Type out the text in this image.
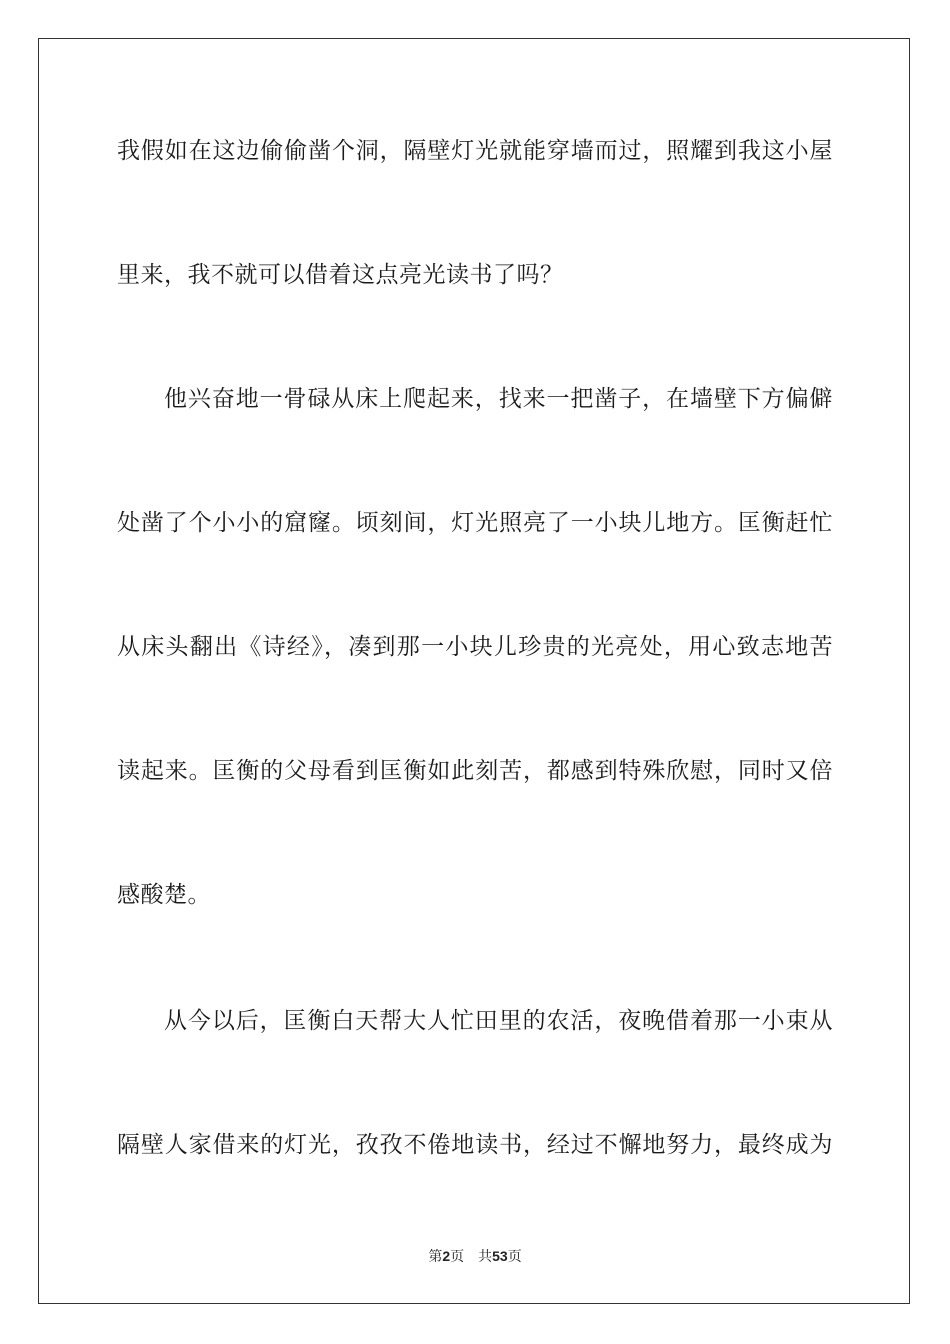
我假如在这边偷偷凿个洞，隔壁灯光就能穿墙而过，照耀到我这小屋
里来，我不就可以借着这点亮光读书了吗？
他兴奋地一骨碌从床上爬起来，找来一把凿子，在墙壁下方偏僻
处凿了个小小的窟窿。顷刻间，灯光照亮了一小块儿地方。匡衡赶忙
从床头翻出《诗经》，凑到那一小块儿珍贵的光亮处，用心致志地苦
读起来。匡衡的父母看到匡衡如此刻苦，都感到特殊欣慰，同时又倍
感酸楚。
从今以后，匡衡白天帮大人忙田里的农活，夜晚借着那一小束从
隔壁人家借来的灯光，孜孜不倦地读书，经过不懈地努力，最终成为
第2页 共53页
